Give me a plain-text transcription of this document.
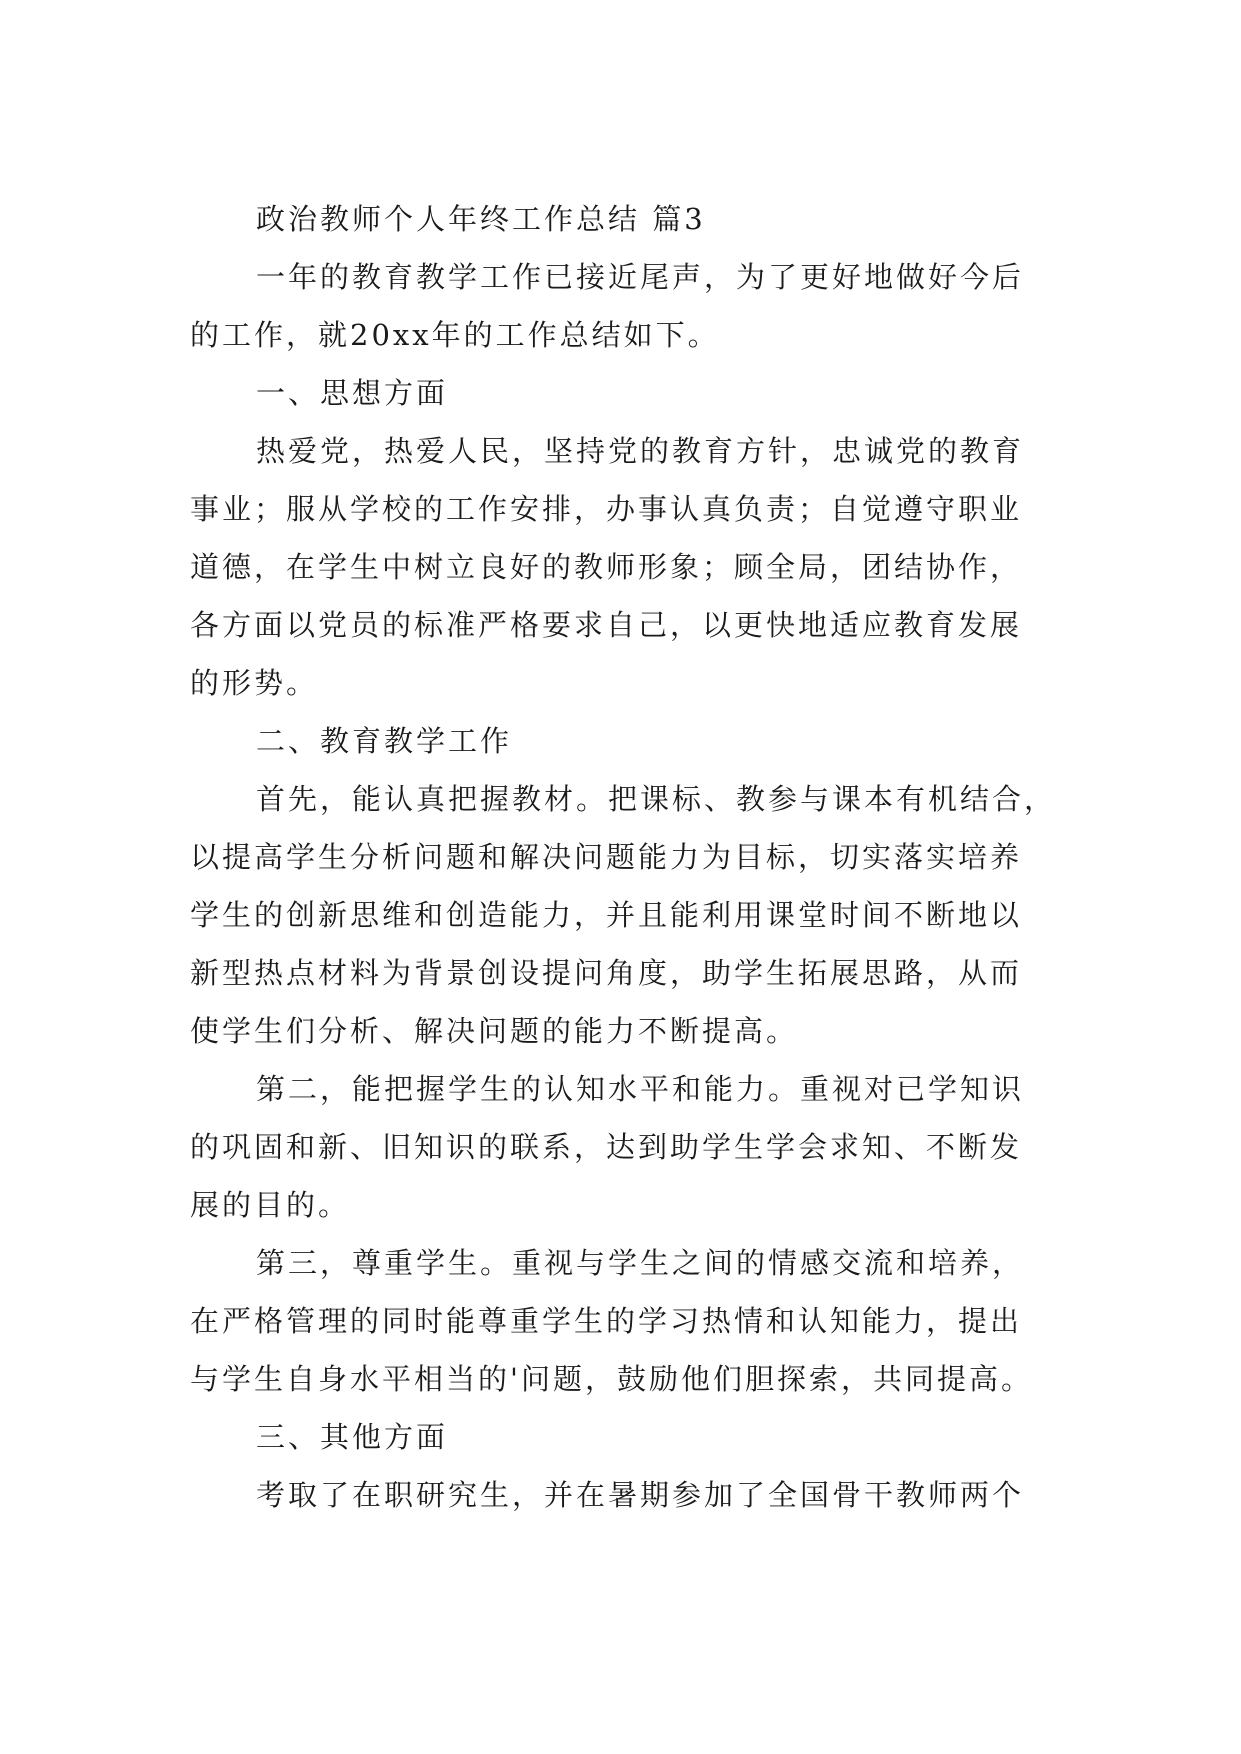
政治教师个人年终工作总结 篇3
一年的教育教学工作已接近尾声，为了更好地做好今后
的工作，就20xx年的工作总结如下。
一、思想方面
热爱党，热爱人民，坚持党的教育方针，忠诚党的教育
事业；服从学校的工作安排，办事认真负责；自觉遵守职业
道德，在学生中树立良好的教师形象；顾全局，团结协作，
各方面以党员的标准严格要求自己，以更快地适应教育发展
的形势。
二、教育教学工作
首先，能认真把握教材。把课标、教参与课本有机结合，
以提高学生分析问题和解决问题能力为目标，切实落实培养
学生的创新思维和创造能力，并且能利用课堂时间不断地以
新型热点材料为背景创设提问角度，助学生拓展思路，从而
使学生们分析、解决问题的能力不断提高。
第二，能把握学生的认知水平和能力。重视对已学知识
的巩固和新、旧知识的联系，达到助学生学会求知、不断发
展的目的。
第三，尊重学生。重视与学生之间的情感交流和培养，
在严格管理的同时能尊重学生的学习热情和认知能力，提出
与学生自身水平相当的'问题，鼓励他们胆探索，共同提高。
三、其他方面
考取了在职研究生，并在暑期参加了全国骨干教师两个
